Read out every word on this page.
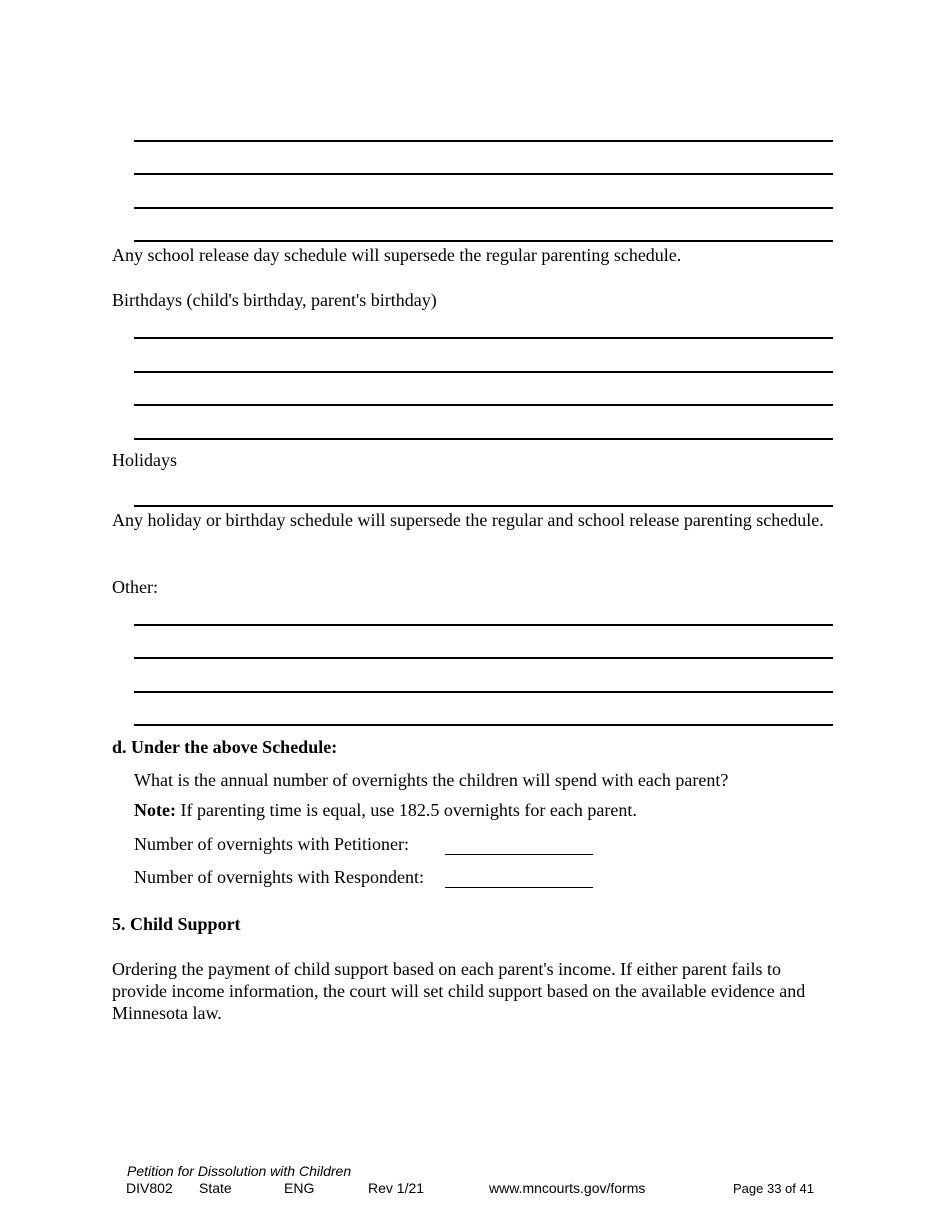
Any school release day schedule will supersede the regular parenting schedule.
Birthdays (child's birthday, parent's birthday)
Holidays
Any holiday or birthday schedule will supersede the regular and school release parenting schedule.
Other:
d. Under the above Schedule:
What is the annual number of overnights the children will spend with each parent?
Note: If parenting time is equal, use 182.5 overnights for each parent.
Number of overnights with Petitioner:
Number of overnights with Respondent:
5. Child Support
Ordering the payment of child support based on each parent's income. If either parent fails to provide income information, the court will set child support based on the available evidence and Minnesota law.
Petition for Dissolution with Children
DIV802 State	ENG	Rev 1/21	www.mncourts.gov/forms	Page 33 of 41
